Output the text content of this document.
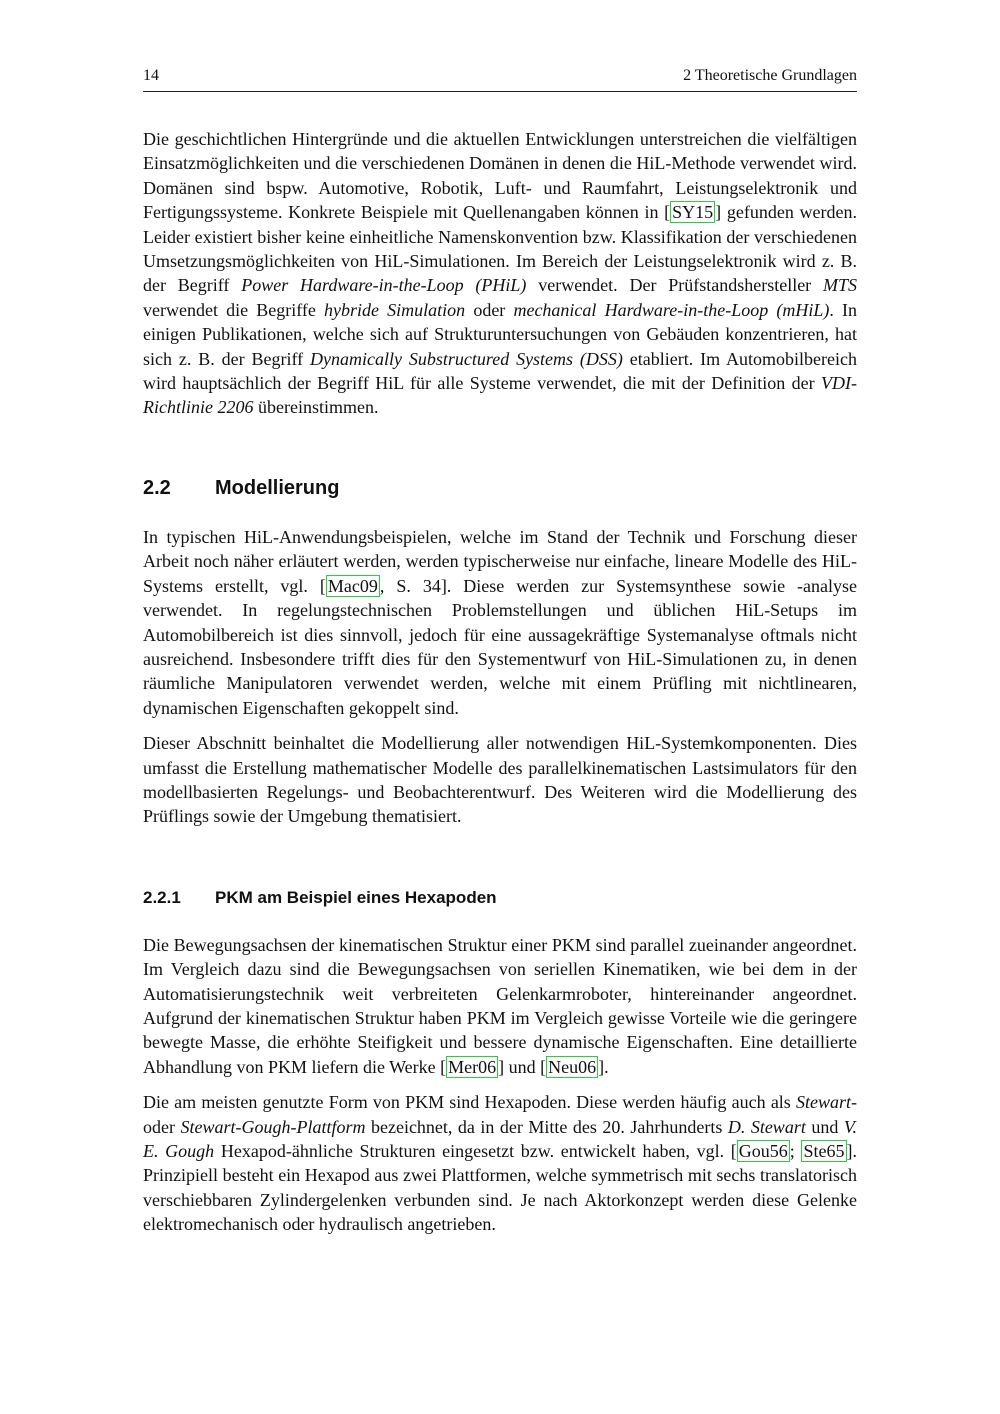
14	2 Theoretische Grundlagen

Die geschichtlichen Hintergründe und die aktuellen Entwicklungen unterstreichen die vielfältigen Einsatzmöglichkeiten und die verschiedenen Domänen in denen die HiL-Methode verwendet wird. Domänen sind bspw. Automotive, Robotik, Luft- und Raumfahrt, Leistungselektronik und Fertigungssysteme. Konkrete Beispiele mit Quellenangaben können in [ SY15 ] gefunden werden. Leider existiert bisher keine einheitliche Namenskonvention bzw. Klassifikation der verschiedenen Umsetzungsmöglichkeiten von HiL-Simulationen. Im Bereich der Leistungselektronik wird z. B. der Begriff Power Hardware-in-the-Loop (PHiL) verwendet. Der Prüfstandshersteller MTS verwendet die Begriffe hybride Simulation oder mechanical Hardware-in-the-Loop (mHiL). In einigen Publikationen, welche sich auf Strukturuntersuchungen von Gebäuden konzentrieren, hat sich z. B. der Begriff Dynamically Substructured Systems (DSS) etabliert. Im Automobilbereich wird hauptsächlich der Begriff HiL für alle Systeme verwendet, die mit der Definition der VDI-Richtlinie 2206 übereinstimmen.

2.2	Modellierung

In typischen HiL-Anwendungsbeispielen, welche im Stand der Technik und Forschung dieser Arbeit noch näher erläutert werden, werden typischerweise nur einfache, lineare Modelle des HiL-Systems erstellt, vgl. [ Mac09 , S. 34]. Diese werden zur Systemsynthese sowie -analyse verwendet. In regelungstechnischen Problemstellungen und üblichen HiL-Setups im Automobilbereich ist dies sinnvoll, jedoch für eine aussagekräftige Systemanalyse oftmals nicht ausreichend. Insbesondere trifft dies für den Systementwurf von HiL-Simulationen zu, in denen räumliche Manipulatoren verwendet werden, welche mit einem Prüfling mit nichtlinearen, dynamischen Eigenschaften gekoppelt sind.

Dieser Abschnitt beinhaltet die Modellierung aller notwendigen HiL-Systemkomponenten. Dies umfasst die Erstellung mathematischer Modelle des parallelkinematischen Lastsimulators für den modellbasierten Regelungs- und Beobachterentwurf. Des Weiteren wird die Modellierung des Prüflings sowie der Umgebung thematisiert.

2.2.1	PKM am Beispiel eines Hexapoden

Die Bewegungsachsen der kinematischen Struktur einer PKM sind parallel zueinander angeordnet. Im Vergleich dazu sind die Bewegungsachsen von seriellen Kinematiken, wie bei dem in der Automatisierungstechnik weit verbreiteten Gelenkarmroboter, hintereinander angeordnet. Aufgrund der kinematischen Struktur haben PKM im Vergleich gewisse Vorteile wie die geringere bewegte Masse, die erhöhte Steifigkeit und bessere dynamische Eigenschaften. Eine detaillierte Abhandlung von PKM liefern die Werke [ Mer06 ] und [ Neu06 ].

Die am meisten genutzte Form von PKM sind Hexapoden. Diese werden häufig auch als Stewart- oder Stewart-Gough-Plattform bezeichnet, da in der Mitte des 20. Jahrhunderts D. Stewart und V. E. Gough Hexapod-ähnliche Strukturen eingesetzt bzw. entwickelt haben, vgl. [ Gou56 ; Ste65 ]. Prinzipiell besteht ein Hexapod aus zwei Plattformen, welche symmetrisch mit sechs translatorisch verschiebbaren Zylindergelenken verbunden sind. Je nach Aktorkonzept werden diese Gelenke elektromechanisch oder hydraulisch angetrieben.
